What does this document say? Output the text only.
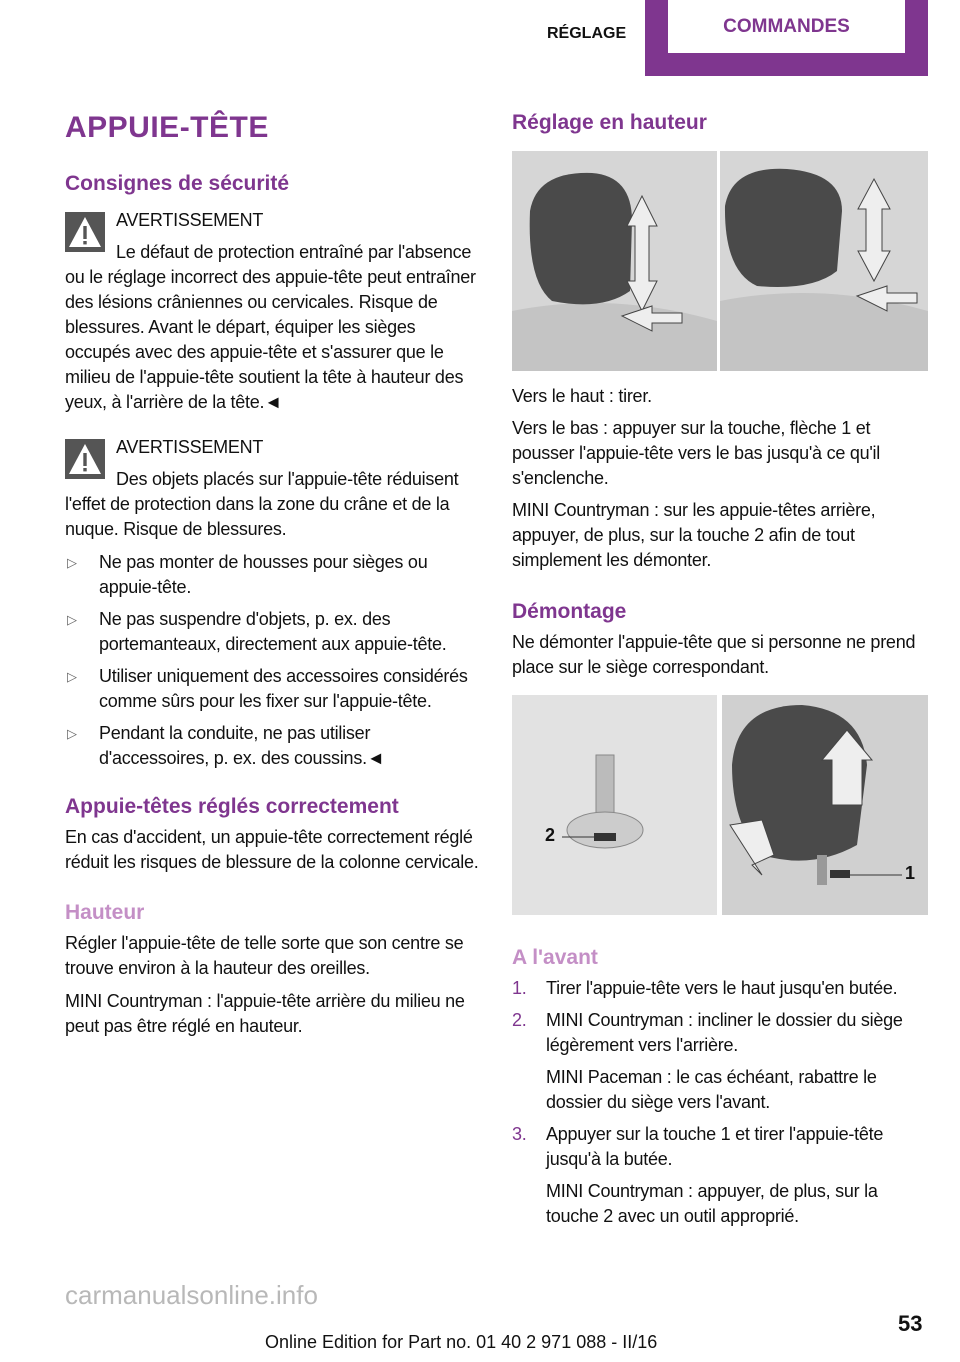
RÉGLAGE	COMMANDES
APPUIE-TÊTE
Consignes de sécurité
AVERTISSEMENT

Le défaut de protection entraîné par l'absence ou le réglage incorrect des appuie-tête peut entraîner des lésions crâniennes ou cervicales. Risque de blessures. Avant le départ, équiper les sièges occupés avec des appuie-tête et s'assurer que le milieu de l'appuie-tête soutient la tête à hauteur des yeux, à l'arrière de la tête.◄

AVERTISSEMENT

Des objets placés sur l'appuie-tête réduisent l'effet de protection dans la zone du crâne et de la nuque. Risque de blessures.

▷ Ne pas monter de housses pour sièges ou appuie-tête.
▷ Ne pas suspendre d'objets, p. ex. des portemanteaux, directement aux appuie-tête.
▷ Utiliser uniquement des accessoires considérés comme sûrs pour les fixer sur l'appuie-tête.
▷ Pendant la conduite, ne pas utiliser d'accessoires, p. ex. des coussins.◄
Appuie-têtes réglés correctement

En cas d'accident, un appuie-tête correctement réglé réduit les risques de blessure de la colonne cervicale.

Hauteur

Régler l'appuie-tête de telle sorte que son centre se trouve environ à la hauteur des oreilles.

MINI Countryman : l'appuie-tête arrière du milieu ne peut pas être réglé en hauteur.

Réglage en hauteur

Vers le haut : tirer.

Vers le bas : appuyer sur la touche, flèche 1 et pousser l'appuie-tête vers le bas jusqu'à ce qu'il s'enclenche.

MINI Countryman : sur les appuie-têtes arrière, appuyer, de plus, sur la touche 2 afin de tout simplement les démonter.

Démontage

Ne démonter l'appuie-tête que si personne ne prend place sur le siège correspondant.

2
1
A l'avant
1. Tirer l'appuie-tête vers le haut jusqu'en butée.
2. MINI Countryman : incliner le dossier du siège légèrement vers l'arrière.
MINI Paceman : le cas échéant, rabattre le dossier du siège vers l'avant.
3. Appuyer sur la touche 1 et tirer l'appuie-tête jusqu'à la butée.
MINI Countryman : appuyer, de plus, sur la touche 2 avec un outil approprié.
carmanualsonline.info
Online Edition for Part no. 01 40 2 971 088 - II/16
53
